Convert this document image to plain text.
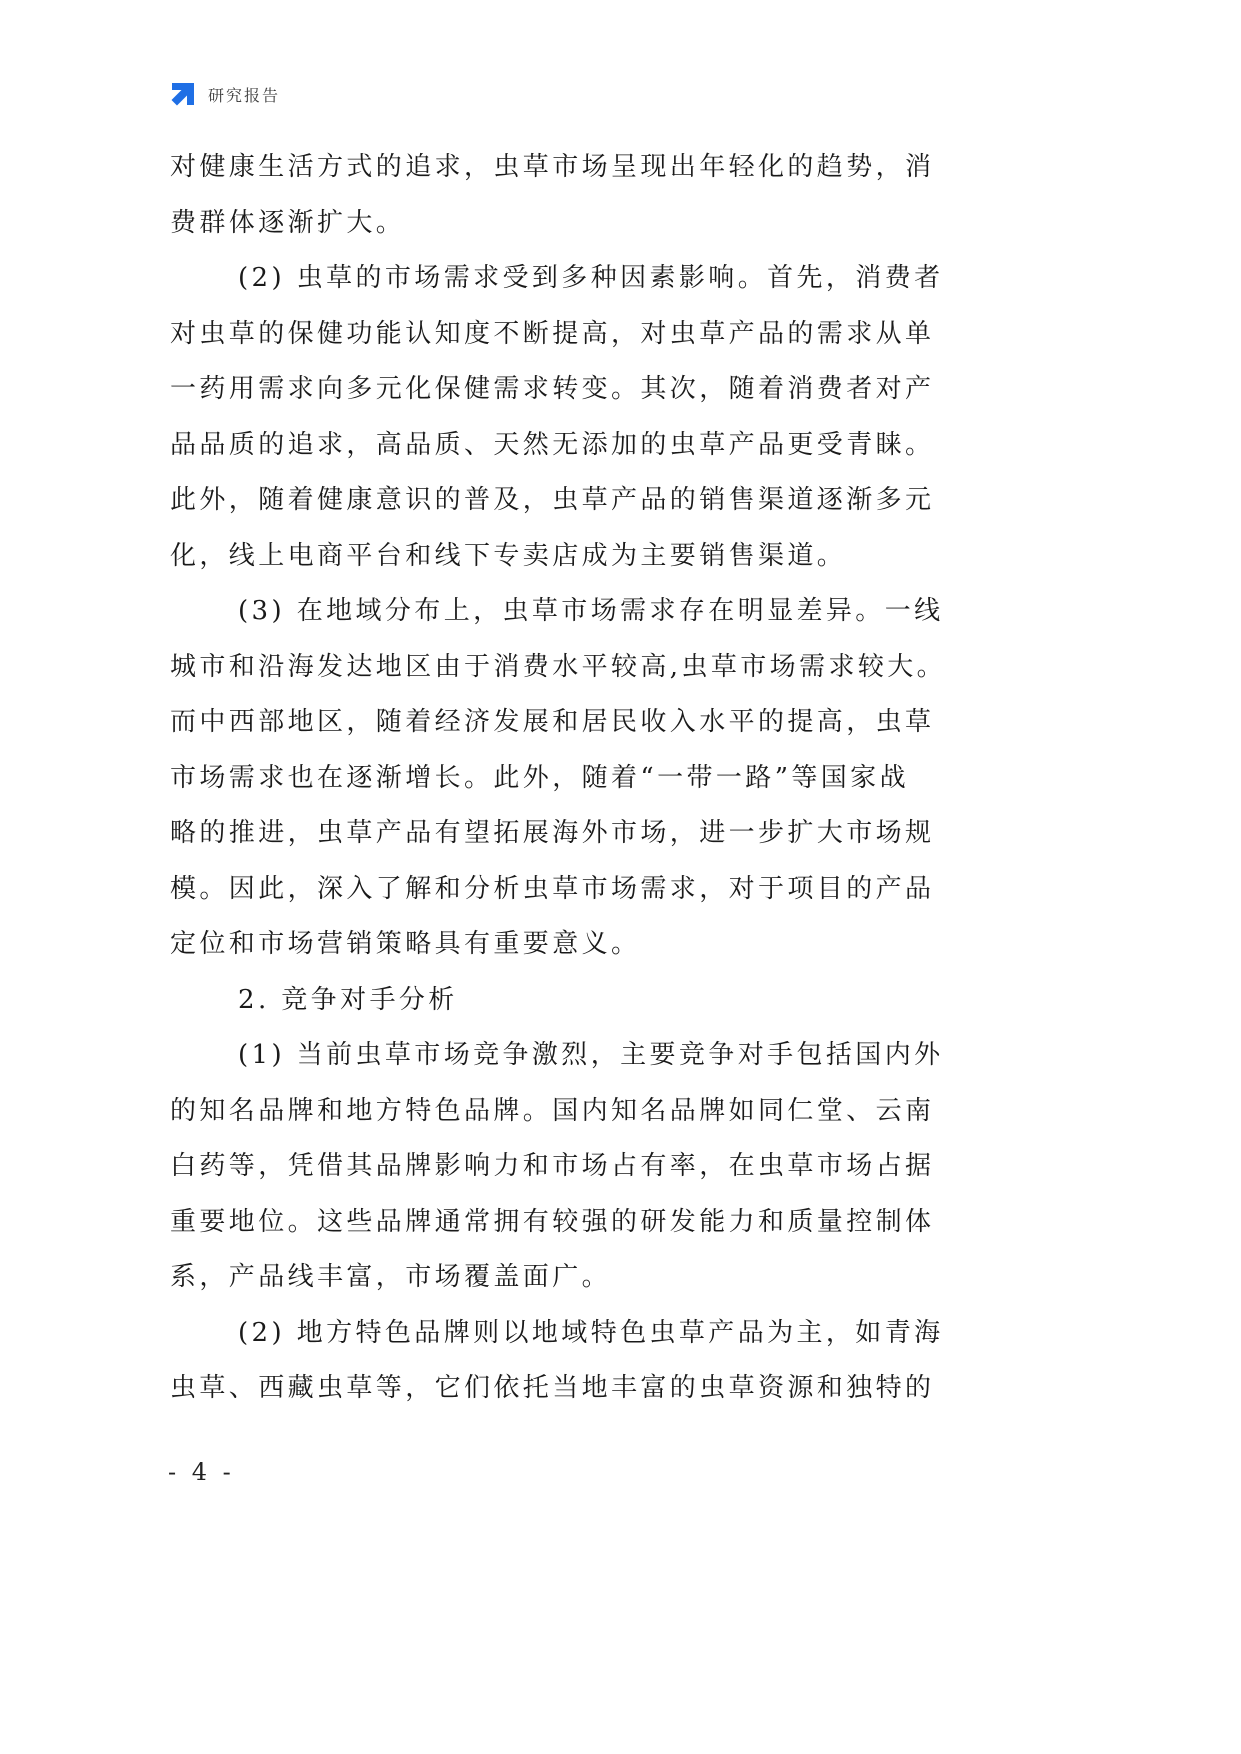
研究报告
对健康生活方式的追求，虫草市场呈现出年轻化的趋势，消
费群体逐渐扩大。
(2) 虫草的市场需求受到多种因素影响。首先，消费者
对虫草的保健功能认知度不断提高，对虫草产品的需求从单
一药用需求向多元化保健需求转变。其次，随着消费者对产
品品质的追求，高品质、天然无添加的虫草产品更受青睐。
此外，随着健康意识的普及，虫草产品的销售渠道逐渐多元
化，线上电商平台和线下专卖店成为主要销售渠道。
(3) 在地域分布上，虫草市场需求存在明显差异。一线
城市和沿海发达地区由于消费水平较高,虫草市场需求较大。
而中西部地区，随着经济发展和居民收入水平的提高，虫草
市场需求也在逐渐增长。此外，随着“一带一路”等国家战
略的推进，虫草产品有望拓展海外市场，进一步扩大市场规
模。因此，深入了解和分析虫草市场需求，对于项目的产品
定位和市场营销策略具有重要意义。
2. 竞争对手分析
(1) 当前虫草市场竞争激烈，主要竞争对手包括国内外
的知名品牌和地方特色品牌。国内知名品牌如同仁堂、云南
白药等，凭借其品牌影响力和市场占有率，在虫草市场占据
重要地位。这些品牌通常拥有较强的研发能力和质量控制体
系，产品线丰富，市场覆盖面广。
(2) 地方特色品牌则以地域特色虫草产品为主，如青海
虫草、西藏虫草等，它们依托当地丰富的虫草资源和独特的
- 4 -
